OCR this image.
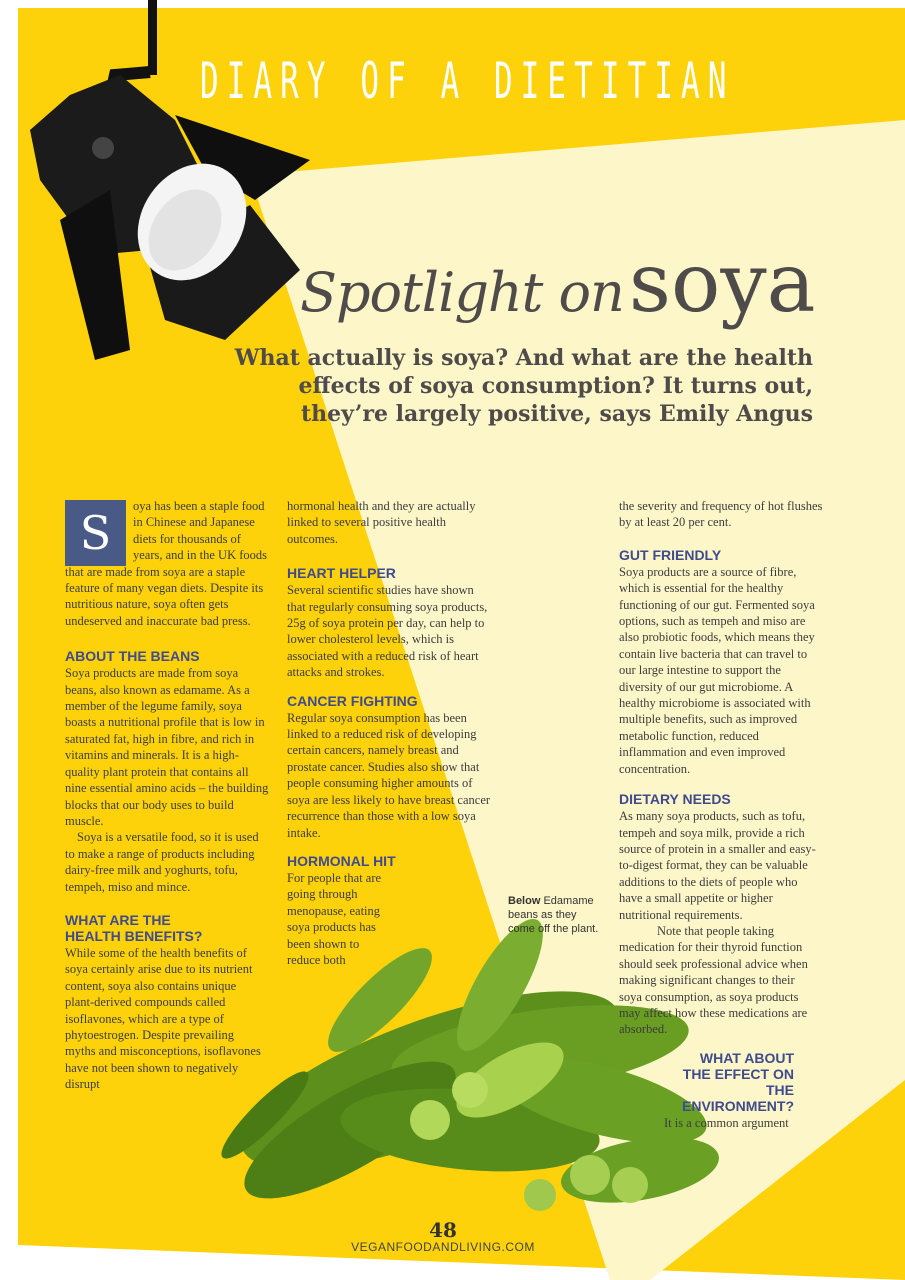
DIARY OF A DIETITIAN
Spotlight on soya
What actually is soya? And what are the health effects of soya consumption? It turns out, they’re largely positive, says Emily Angus
S	oya has been a staple food in Chinese and Japanese diets for thousands of years, and in the UK foods that are made from soya are a staple feature of many vegan diets. Despite its nutritious nature, soya often gets undeserved and inaccurate bad press.

ABOUT THE BEANS

Soya products are made from soya beans, also known as edamame. As a member of the legume family, soya boasts a nutritional profile that is low in saturated fat, high in fibre, and rich in vitamins and minerals. It is a high-quality plant protein that contains all nine essential amino acids – the building blocks that our body uses to build muscle.

Soya is a versatile food, so it is used to make a range of products including dairy-free milk and yoghurts, tofu, tempeh, miso and mince.

WHAT ARE THE HEALTH BENEFITS?

While some of the health benefits of soya certainly arise due to its nutrient content, soya also contains unique plant-derived compounds called isoflavones, which are a type of phytoestrogen. Despite prevailing myths and misconceptions, isoflavones have not been shown to negatively disrupt

hormonal health and they are actually linked to several positive health outcomes.

HEART HELPER

Several scientific studies have shown that regularly consuming soya products, 25g of soya protein per day, can help to lower cholesterol levels, which is associated with a reduced risk of heart attacks and strokes.

CANCER FIGHTING

Regular soya consumption has been linked to a reduced risk of developing certain cancers, namely breast and prostate cancer. Studies also show that people consuming higher amounts of soya are less likely to have breast cancer recurrence than those with a low soya intake.

HORMONAL HIT

For people that are going through menopause, eating soya products has been shown to reduce both

the severity and frequency of hot flushes by at least 20 per cent.

GUT FRIENDLY

Soya products are a source of fibre, which is essential for the healthy functioning of our gut. Fermented soya options, such as tempeh and miso are also probiotic foods, which means they contain live bacteria that can travel to our large intestine to support the diversity of our gut microbiome. A healthy microbiome is associated with multiple benefits, such as improved metabolic function, reduced inflammation and even improved concentration.

DIETARY NEEDS

As many soya products, such as tofu, tempeh and soya milk, provide a rich source of protein in a smaller and easy-to-digest format, they can be valuable additions to the diets of people who have a small appetite or higher nutritional requirements.

Note that people taking medication for their thyroid function should seek professional advice when making significant changes to their soya consumption, as soya products may affect how these medications are absorbed.

WHAT ABOUT THE EFFECT ON THE ENVIRONMENT?

It is a common argument

Below Edamame beans as they come off the plant.
48
VEGANFOODANDLIVING.COM
